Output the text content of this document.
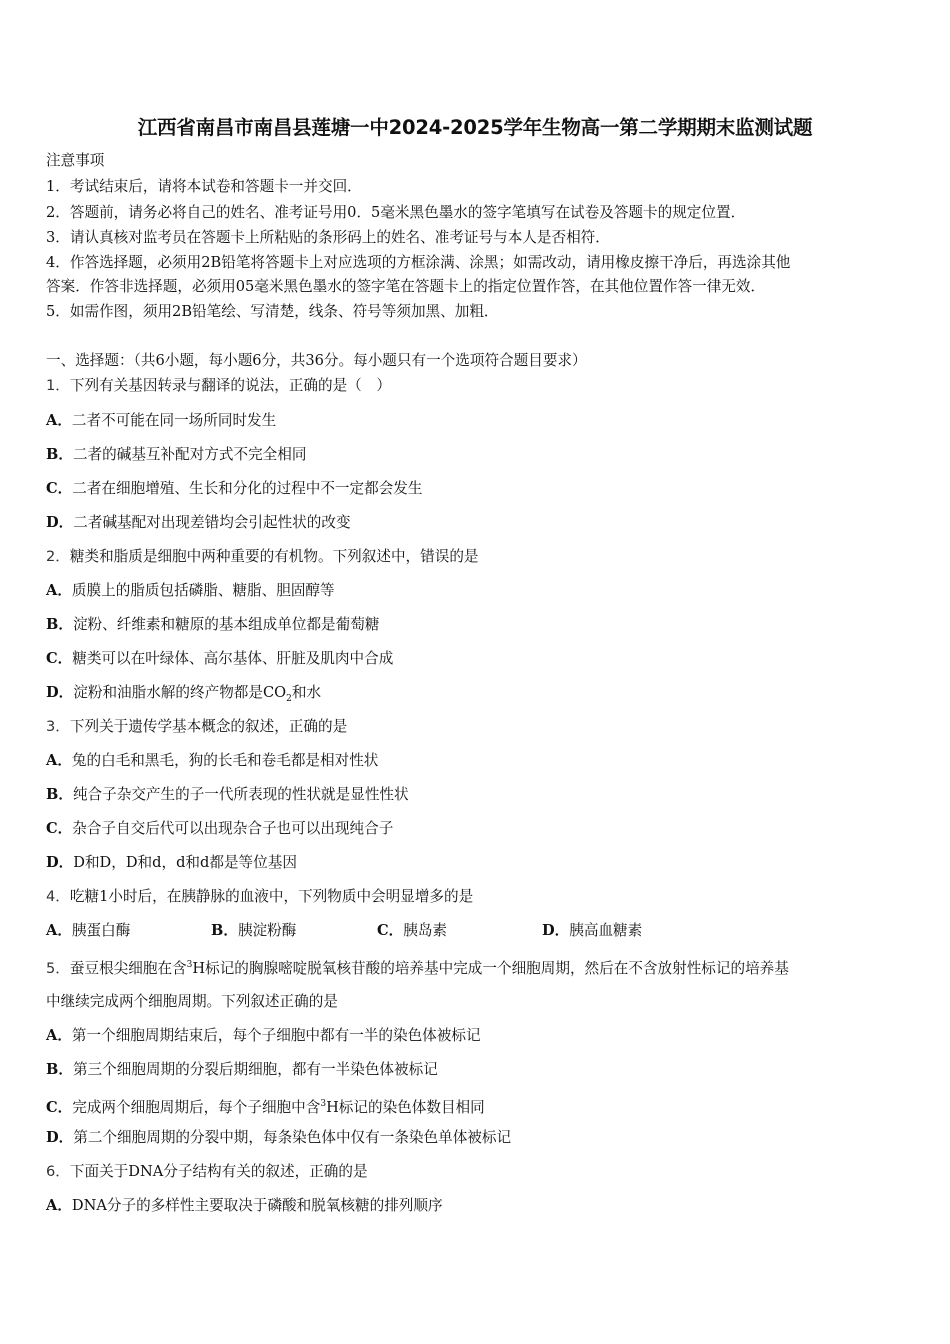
江西省南昌市南昌县莲塘一中2024-2025学年生物高一第二学期期末监测试题
注意事项
1．考试结束后，请将本试卷和答题卡一并交回．
2．答题前，请务必将自己的姓名、准考证号用0．5毫米黑色墨水的签字笔填写在试卷及答题卡的规定位置．
3．请认真核对监考员在答题卡上所粘贴的条形码上的姓名、准考证号与本人是否相符．
4．作答选择题，必须用2B铅笔将答题卡上对应选项的方框涂满、涂黑；如需改动，请用橡皮擦干净后，再选涂其他
答案．作答非选择题，必须用05毫米黑色墨水的签字笔在答题卡上的指定位置作答，在其他位置作答一律无效．
5．如需作图，须用2B铅笔绘、写清楚，线条、符号等须加黑、加粗．
一、选择题：（共6小题，每小题6分，共36分。每小题只有一个选项符合题目要求）
1．下列有关基因转录与翻译的说法，正确的是（　）
A．二者不可能在同一场所同时发生
B．二者的碱基互补配对方式不完全相同
C．二者在细胞增殖、生长和分化的过程中不一定都会发生
D．二者碱基配对出现差错均会引起性状的改变
2．糖类和脂质是细胞中两种重要的有机物。下列叙述中，错误的是
A．质膜上的脂质包括磷脂、糖脂、胆固醇等
B．淀粉、纤维素和糖原的基本组成单位都是葡萄糖
C．糖类可以在叶绿体、高尔基体、肝脏及肌肉中合成
D．淀粉和油脂水解的终产物都是$CO_2$和水
3．下列关于遗传学基本概念的叙述，正确的是
A．兔的白毛和黑毛，狗的长毛和卷毛都是相对性状
B．纯合子杂交产生的子一代所表现的性状就是显性性状
C．杂合子自交后代可以出现杂合子也可以出现纯合子
D．D和D，D和d，d和d都是等位基因
4．吃糖1小时后，在胰静脉的血液中，下列物质中会明显增多的是
A．胰蛋白酶	B．胰淀粉酶	C．胰岛素	D．胰高血糖素
5．蚕豆根尖细胞在含$^3$H标记的胸腺嘧啶脱氧核苷酸的培养基中完成一个细胞周期，然后在不含放射性标记的培养基
中继续完成两个细胞周期。下列叙述正确的是
A．第一个细胞周期结束后，每个子细胞中都有一半的染色体被标记
B．第三个细胞周期的分裂后期细胞，都有一半染色体被标记
C．完成两个细胞周期后，每个子细胞中含$^3$H标记的染色体数目相同
D．第二个细胞周期的分裂中期，每条染色体中仅有一条染色单体被标记
6．下面关于DNA分子结构有关的叙述，正确的是
A．DNA分子的多样性主要取决于磷酸和脱氧核糖的排列顺序
